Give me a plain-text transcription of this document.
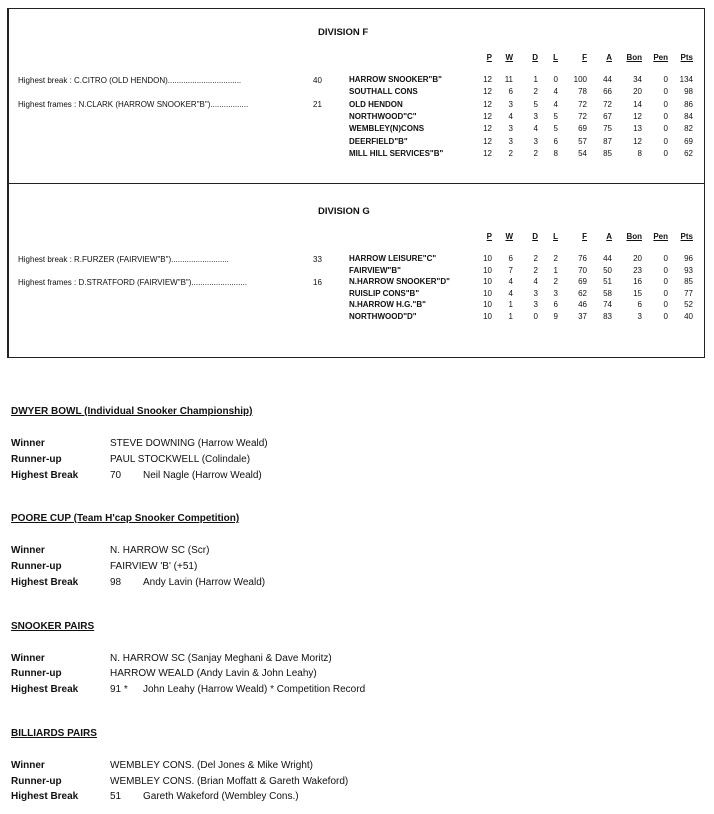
DIVISION F
P	W	D	L	F	A	Bon	Pen	Pts
Highest break : C.CITRO (OLD HENDON).................................	40
Highest frames : N.CLARK (HARROW SNOOKER"B").................	21
HARROW SNOOKER"B"	12	11	1	0	100	44	34	0	134
SOUTHALL CONS	12	6	2	4	78	66	20	0	98
OLD HENDON	12	3	5	4	72	72	14	0	86
NORTHWOOD"C"	12	4	3	5	72	67	12	0	84
WEMBLEY(N)CONS	12	3	4	5	69	75	13	0	82
DEERFIELD"B"	12	3	3	6	57	87	12	0	69
MILL HILL SERVICES"B"	12	2	2	8	54	85	8	0	62
DIVISION G
P	W	D	L	F	A	Bon	Pen	Pts
Highest break : R.FURZER (FAIRVIEW"B")..........................	33
Highest frames : D.STRATFORD (FAIRVIEW"B").........................	16
HARROW LEISURE"C"	10	6	2	2	76	44	20	0	96
FAIRVIEW"B"	10	7	2	1	70	50	23	0	93
N.HARROW SNOOKER"D"	10	4	4	2	69	51	16	0	85
RUISLIP CONS"B"	10	4	3	3	62	58	15	0	77
N.HARROW H.G."B"	10	1	3	6	46	74	6	0	52
NORTHWOOD"D"	10	1	0	9	37	83	3	0	40
DWYER BOWL (Individual Snooker Championship)
Winner	STEVE DOWNING (Harrow Weald)
Runner-up	PAUL STOCKWELL (Colindale)
Highest Break	70 Neil Nagle (Harrow Weald)
POORE CUP (Team H'cap Snooker Competition)
Winner	N. HARROW SC (Scr)
Runner-up	FAIRVIEW 'B' (+51)
Highest Break	98 Andy Lavin (Harrow Weald)
SNOOKER PAIRS
Winner	N. HARROW SC (Sanjay Meghani & Dave Moritz)
Runner-up	HARROW WEALD (Andy Lavin & John Leahy)
Highest Break	91 * John Leahy (Harrow Weald) * Competition Record
BILLIARDS PAIRS
Winner	WEMBLEY CONS. (Del Jones & Mike Wright)
Runner-up	WEMBLEY CONS. (Brian Moffatt & Gareth Wakeford)
Highest Break	51 Gareth Wakeford (Wembley Cons.)
